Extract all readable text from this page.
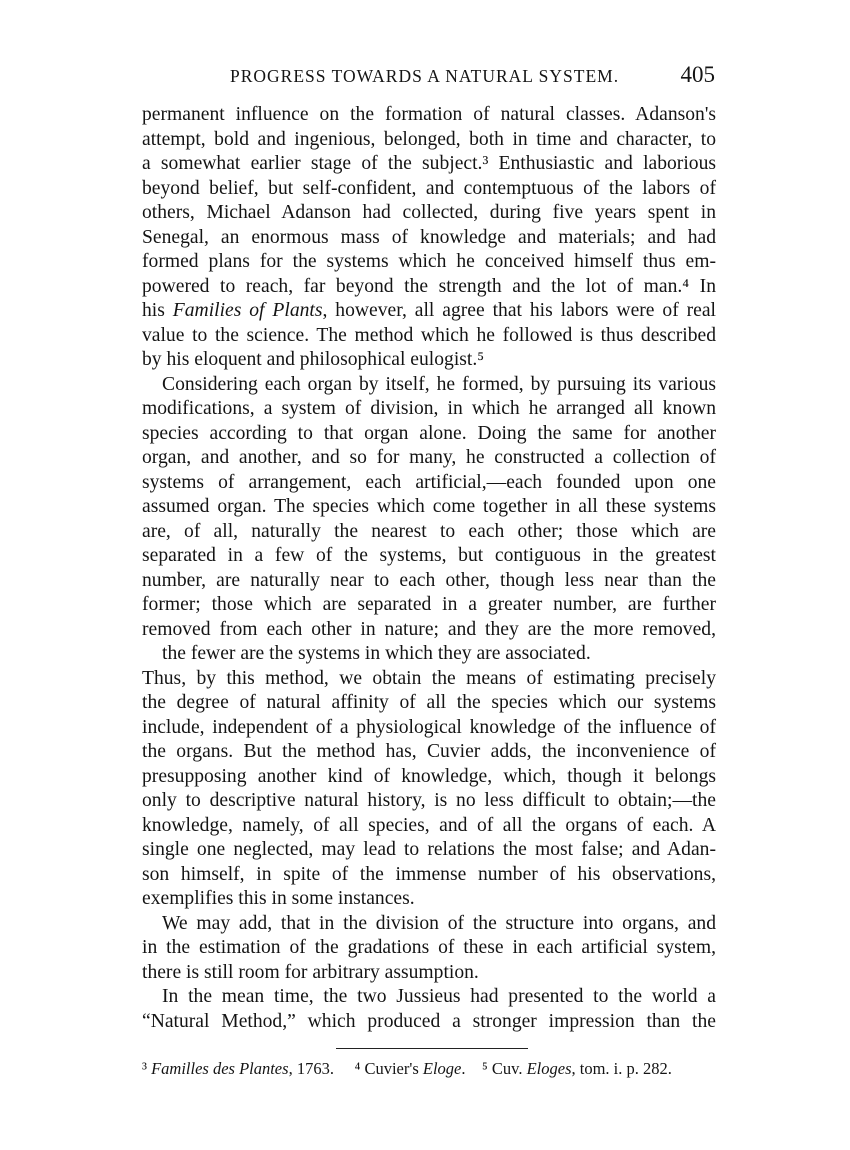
PROGRESS TOWARDS A NATURAL SYSTEM.	405
permanent influence on the formation of natural classes. Adanson's
attempt, bold and ingenious, belonged, both in time and character, to
a somewhat earlier stage of the subject.³ Enthusiastic and laborious
beyond belief, but self-confident, and contemptuous of the labors of
others, Michael Adanson had collected, during five years spent in
Senegal, an enormous mass of knowledge and materials; and had
formed plans for the systems which he conceived himself thus em-
powered to reach, far beyond the strength and the lot of man.⁴ In
his Families of Plants, however, all agree that his labors were of real
value to the science. The method which he followed is thus described
by his eloquent and philosophical eulogist.⁵
Considering each organ by itself, he formed, by pursuing its various
modifications, a system of division, in which he arranged all known
species according to that organ alone. Doing the same for another
organ, and another, and so for many, he constructed a collection of
systems of arrangement, each artificial,—each founded upon one
assumed organ. The species which come together in all these systems
are, of all, naturally the nearest to each other; those which are
separated in a few of the systems, but contiguous in the greatest
number, are naturally near to each other, though less near than the
former; those which are separated in a greater number, are further
removed from each other in nature; and they are the more removed,
the fewer are the systems in which they are associated.
Thus, by this method, we obtain the means of estimating precisely
the degree of natural affinity of all the species which our systems
include, independent of a physiological knowledge of the influence of
the organs. But the method has, Cuvier adds, the inconvenience of
presupposing another kind of knowledge, which, though it belongs
only to descriptive natural history, is no less difficult to obtain;—the
knowledge, namely, of all species, and of all the organs of each. A
single one neglected, may lead to relations the most false; and Adan-
son himself, in spite of the immense number of his observations,
exemplifies this in some instances.
We may add, that in the division of the structure into organs, and
in the estimation of the gradations of these in each artificial system,
there is still room for arbitrary assumption.
In the mean time, the two Jussieus had presented to the world a
“Natural Method,” which produced a stronger impression than the
³ Familles des Plantes, 1763. ⁴ Cuvier's Eloge. ⁵ Cuv. Eloges, tom. i. p. 282.
